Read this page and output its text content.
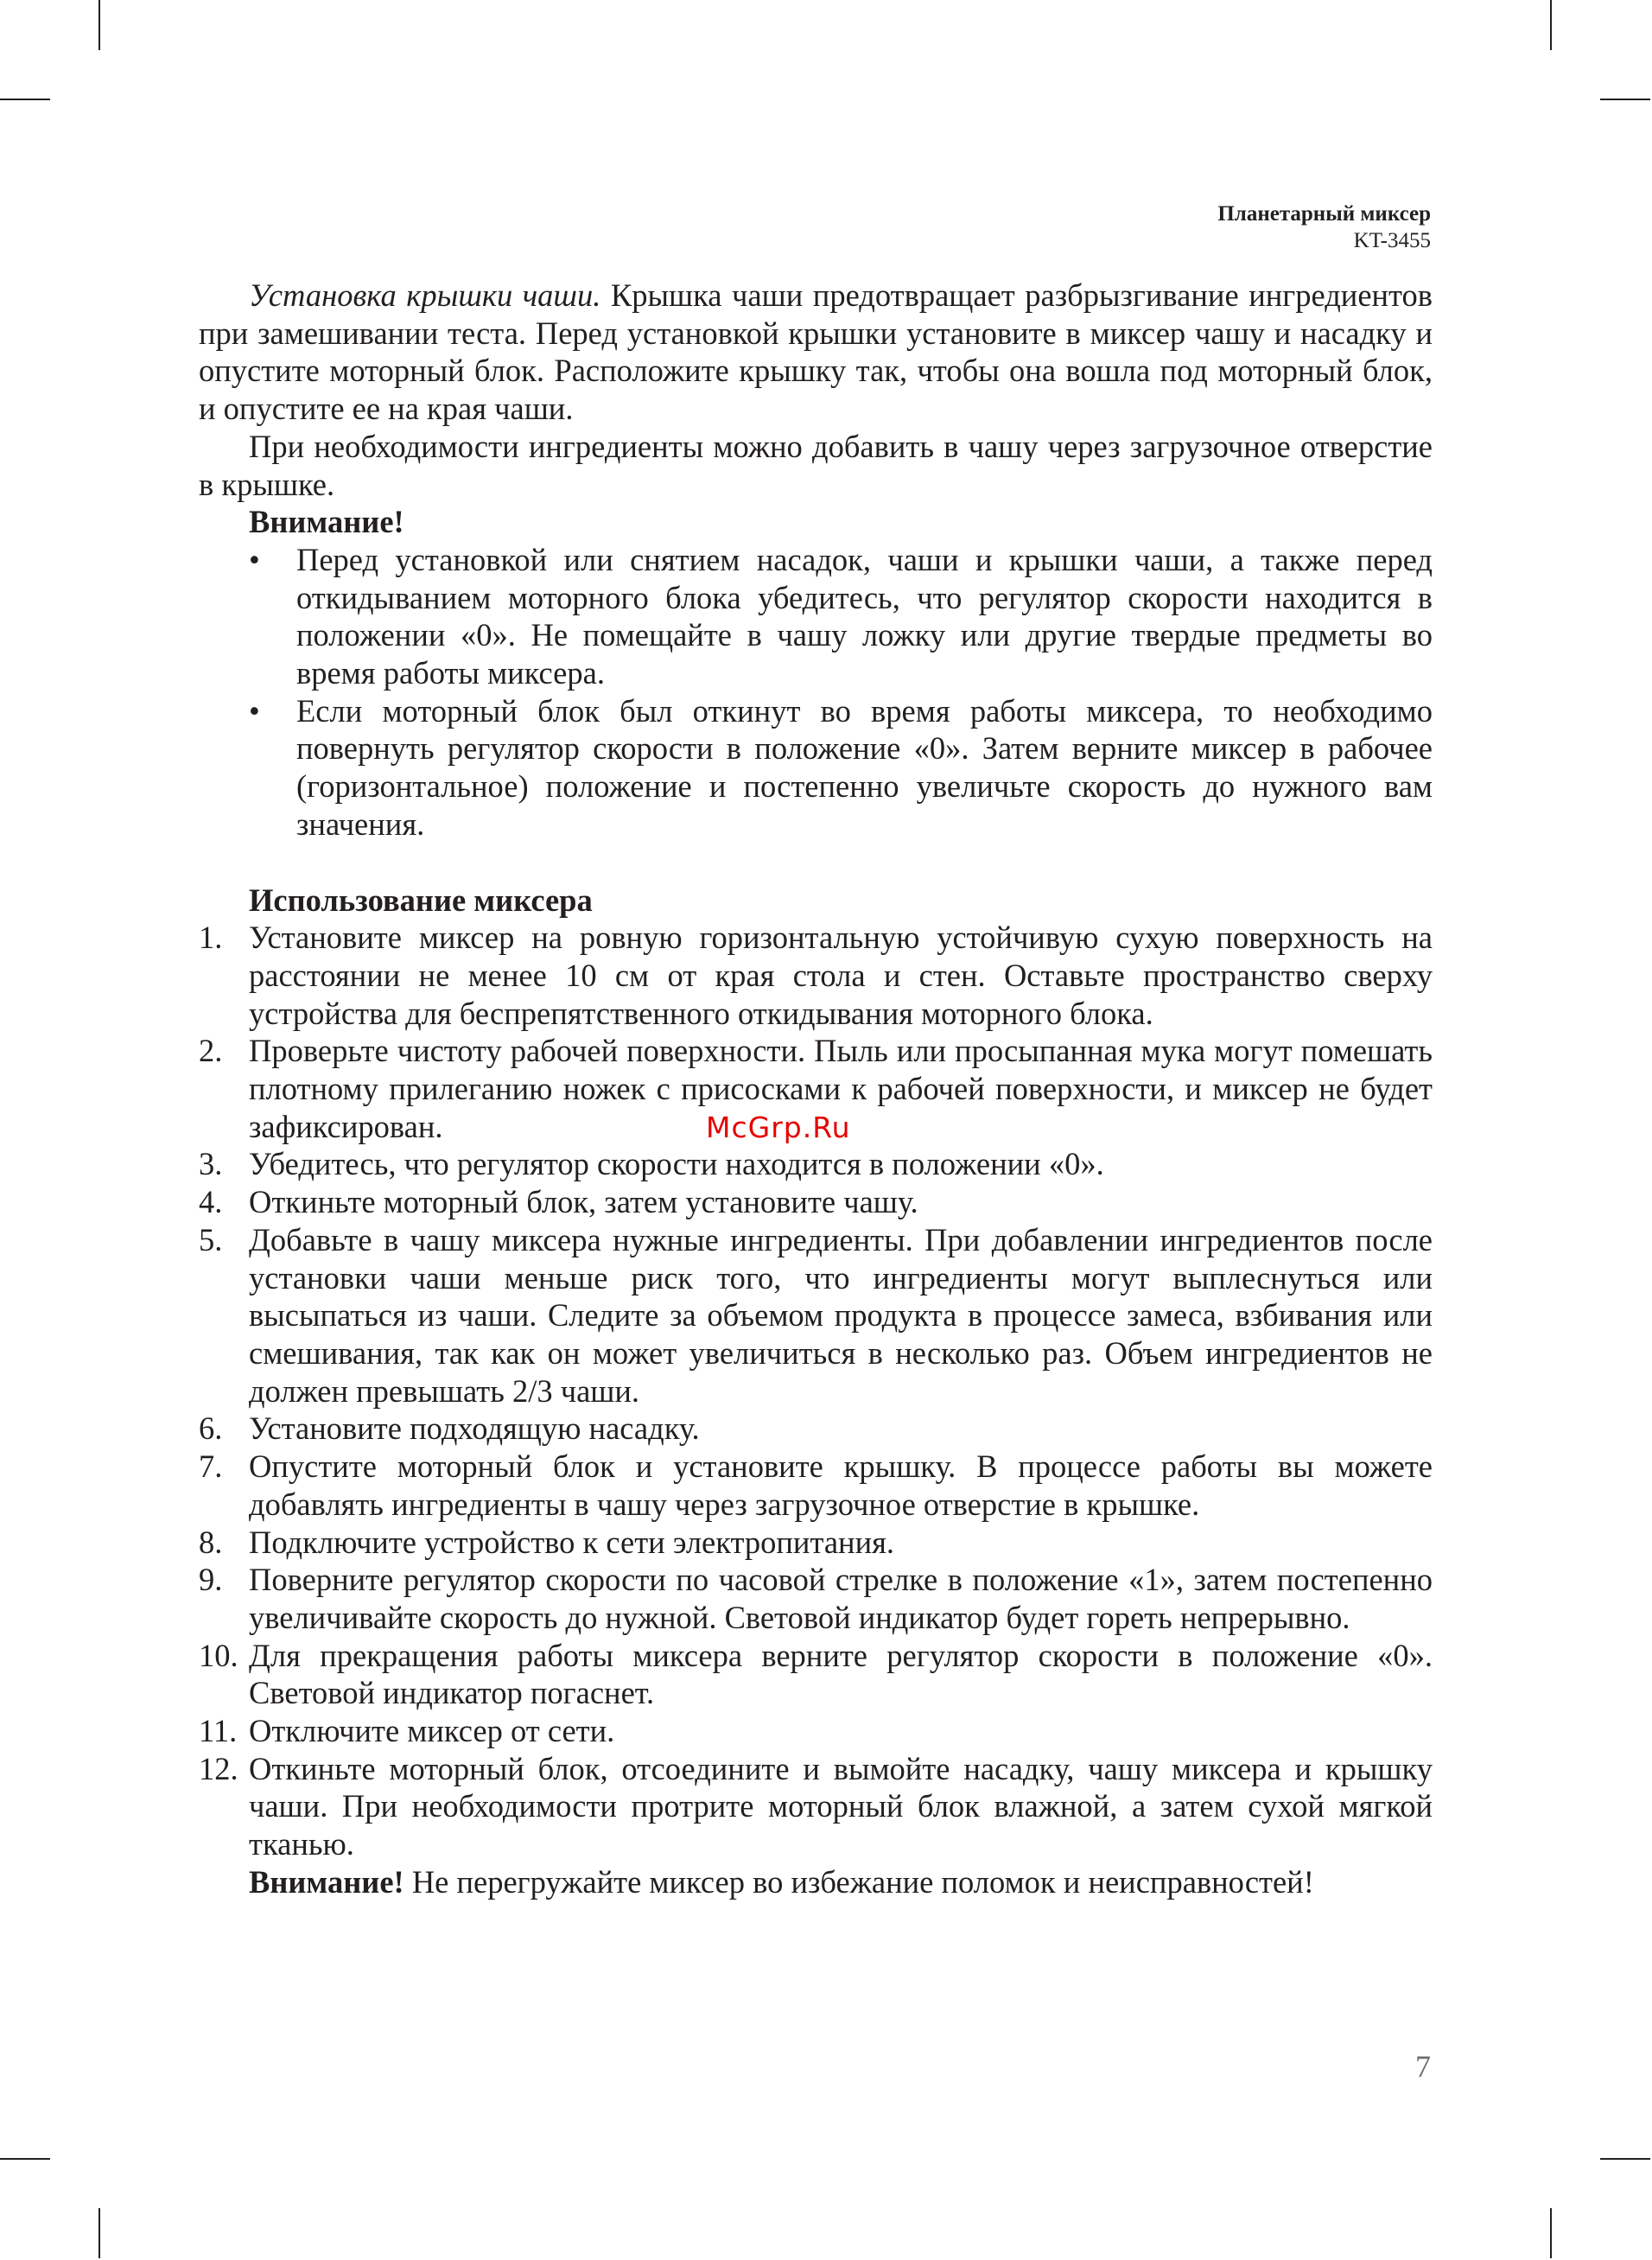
Планетарный миксер
KT-3455

Установка крышки чаши. Крышка чаши предотвращает разбрызгивание ингредиентов при замешивании теста. Перед установкой крышки установите в миксер чашу и насадку и опустите моторный блок. Расположите крышку так, чтобы она вошла под моторный блок, и опустите ее на края чаши.

При необходимости ингредиенты можно добавить в чашу через загрузочное отверстие в крышке.

Внимание!
• Перед установкой или снятием насадок, чаши и крышки чаши, а также перед откидыванием моторного блока убедитесь, что регулятор скорости находится в положении «0». Не помещайте в чашу ложку или другие твердые предметы во время работы миксера.
• Если моторный блок был откинут во время работы миксера, то необходимо повернуть регулятор скорости в положение «0». Затем верните миксер в рабочее (горизонтальное) положение и постепенно увеличьте скорость до нужного вам значения.
Использование миксера
1. Установите миксер на ровную горизонтальную устойчивую сухую поверхность на расстоянии не менее 10 см от края стола и стен. Оставьте пространство сверху устройства для беспрепятственного откидывания моторного блока.
2. Проверьте чистоту рабочей поверхности. Пыль или просыпанная мука могут помешать плотному прилеганию ножек с присосками к рабочей поверхности, и миксер не будет зафиксирован.
3. Убедитесь, что регулятор скорости находится в положении «0».
4. Откиньте моторный блок, затем установите чашу.
5. Добавьте в чашу миксера нужные ингредиенты. При добавлении ингредиентов после установки чаши меньше риск того, что ингредиенты могут выплеснуться или высыпаться из чаши. Следите за объемом продукта в процессе замеса, взбивания или смешивания, так как он может увеличиться в несколько раз. Объем ингредиентов не должен превышать 2/3 чаши.
6. Установите подходящую насадку.
7. Опустите моторный блок и установите крышку. В процессе работы вы можете добавлять ингредиенты в чашу через загрузочное отверстие в крышке.
8. Подключите устройство к сети электропитания.
9. Поверните регулятор скорости по часовой стрелке в положение «1», затем постепенно увеличивайте скорость до нужной. Световой индикатор будет гореть непрерывно.
10. Для прекращения работы миксера верните регулятор скорости в положение «0». Световой индикатор погаснет.
11. Отключите миксер от сети.
12. Откиньте моторный блок, отсоедините и вымойте насадку, чашу миксера и крышку чаши. При необходимости протрите моторный блок влажной, а затем сухой мягкой тканью.

Внимание! Не перегружайте миксер во избежание поломок и неисправностей!

McGrp.Ru
7
